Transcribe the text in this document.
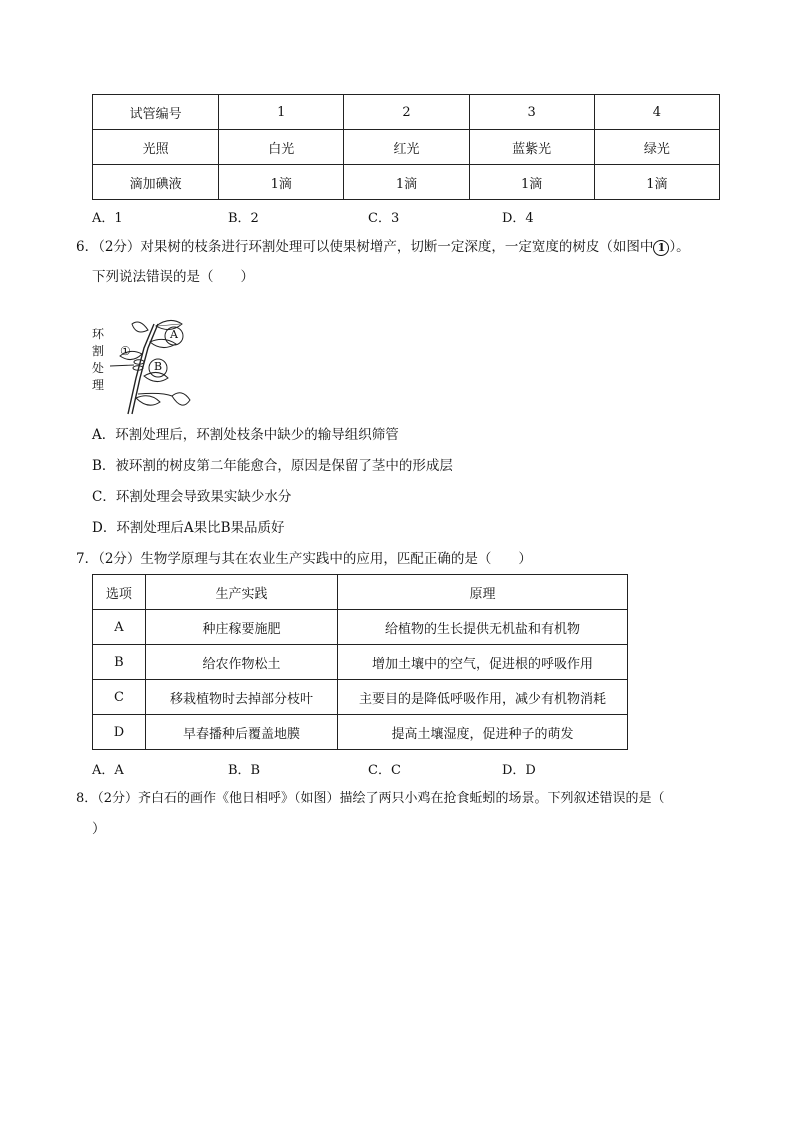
试管编号	1	2	3	4
光照	白光	红光	蓝紫光	绿光
滴加碘液	1滴	1滴	1滴	1滴
A．1	B．2	C．3	D．4
6．（2分）对果树的枝条进行环割处理可以使果树增产，切断一定深度，一定宽度的树皮（如图中 1 ）。
下列说法错误的是（　　）
环
割
处
理
A
B
①
A．环割处理后，环割处枝条中缺少的输导组织筛管
B．被环割的树皮第二年能愈合，原因是保留了茎中的形成层
C．环割处理会导致果实缺少水分
D．环割处理后A果比B果品质好
7．（2分）生物学原理与其在农业生产实践中的应用，匹配正确的是（　　）
选项	生产实践	原理
A	种庄稼要施肥	给植物的生长提供无机盐和有机物
B	给农作物松土	增加土壤中的空气，促进根的呼吸作用
C	移栽植物时去掉部分枝叶	主要目的是降低呼吸作用，减少有机物消耗
D	早春播种后覆盖地膜	提高土壤湿度，促进种子的萌发
A．A	B．B	C．C	D．D
8．（2分）齐白石的画作《他日相呼》（如图）描绘了两只小鸡在抢食蚯蚓的场景。下列叙述错误的是（
）
